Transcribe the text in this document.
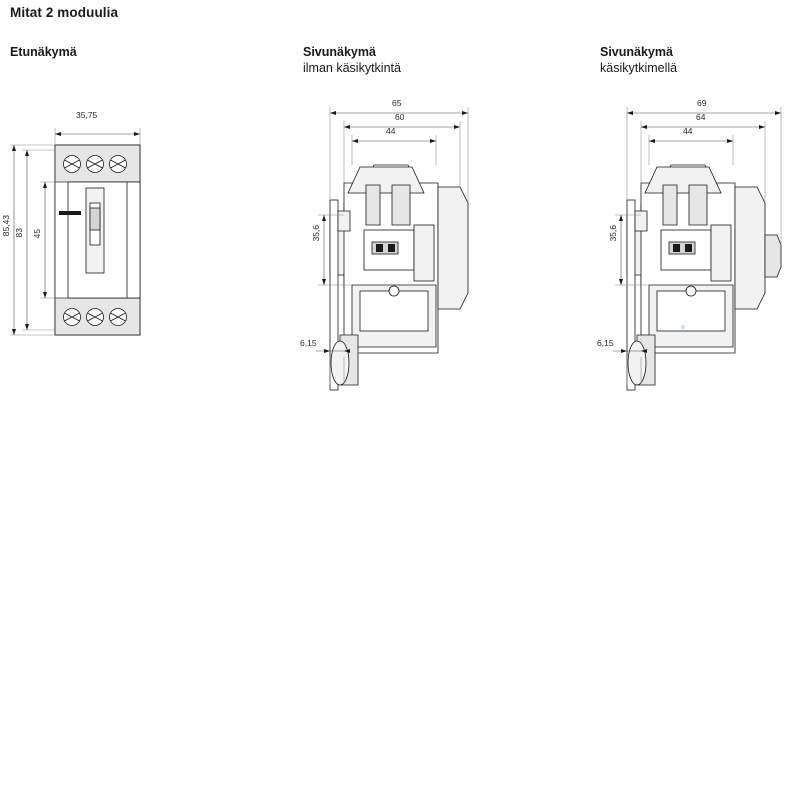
Mitat 2 moduulia
Etunäkymä	Sivunäkymä
ilman käsikytkintä
Sivunäkymä
käsikytkimellä
35,75
85,43 83 45
65
60
44
35,6
6,15
69
64
44
35,6
6,15
